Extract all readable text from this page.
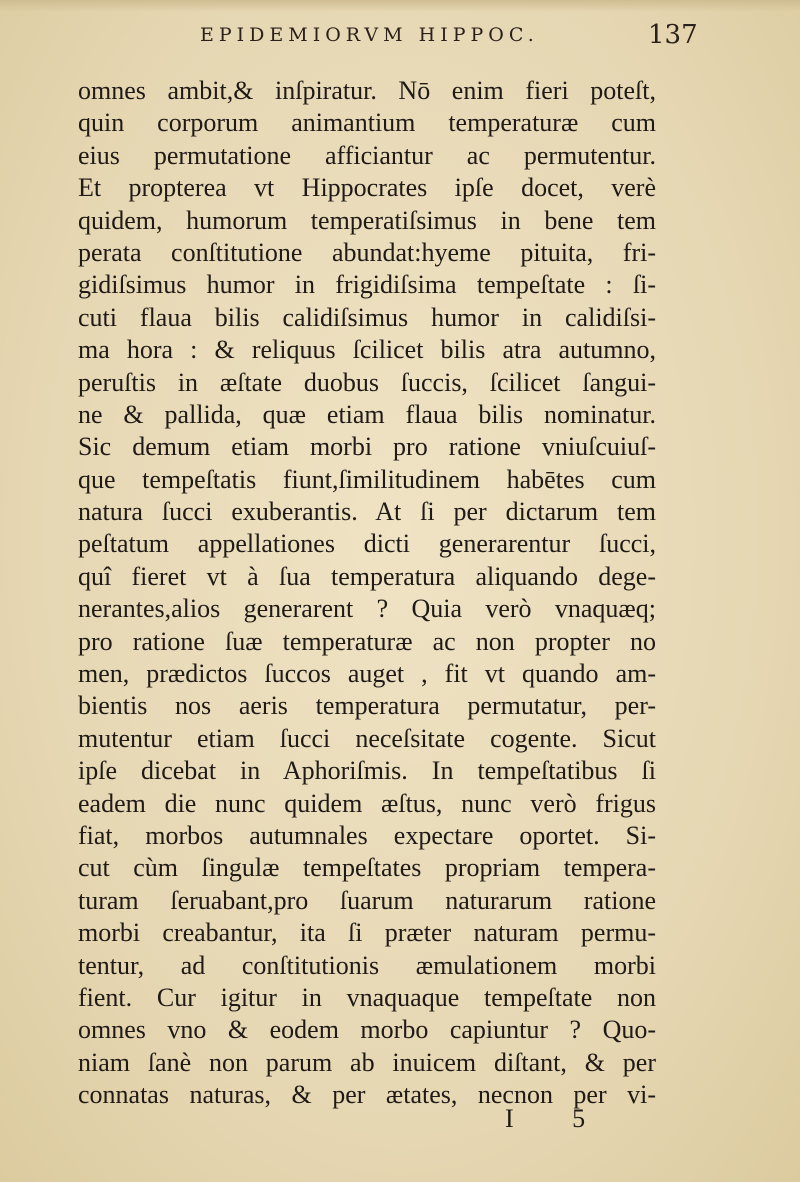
EPIDEMIORVM HIPPOC.	137
omnes ambit,& inſpiratur. Nō enim fieri poteſt,
quin corporum animantium temperaturæ cum
eius permutatione afficiantur ac permutentur.
Et propterea vt Hippocrates ipſe docet, verè
quidem, humorum temperatiſsimus in bene tem
perata conſtitutione abundat:hyeme pituita, fri-
gidiſsimus humor in frigidiſsima tempeſtate : ſi-
cuti flaua bilis calidiſsimus humor in calidiſsi-
ma hora : & reliquus ſcilicet bilis atra autumno,
peruſtis in æſtate duobus ſuccis, ſcilicet ſangui-
ne & pallida, quæ etiam flaua bilis nominatur.
Sic demum etiam morbi pro ratione vniuſcuiuſ-
que tempeſtatis fiunt,ſimilitudinem habētes cum
natura ſucci exuberantis. At ſi per dictarum tem
peſtatum appellationes dicti generarentur ſucci,
quî fieret vt à ſua temperatura aliquando dege-
nerantes,alios generarent ? Quia verò vnaquæq;
pro ratione ſuæ temperaturæ ac non propter no
men, prædictos ſuccos auget , fit vt quando am-
bientis nos aeris temperatura permutatur, per-
mutentur etiam ſucci neceſsitate cogente. Sicut
ipſe dicebat in Aphoriſmis. In tempeſtatibus ſi
eadem die nunc quidem æſtus, nunc verò frigus
fiat, morbos autumnales expectare oportet. Si-
cut cùm ſingulæ tempeſtates propriam tempera-
turam ſeruabant,pro ſuarum naturarum ratione
morbi creabantur, ita ſi præter naturam permu-
tentur, ad conſtitutionis æmulationem morbi
fient. Cur igitur in vnaquaque tempeſtate non
omnes vno & eodem morbo capiuntur ? Quo-
niam ſanè non parum ab inuicem diſtant, & per
connatas naturas, & per ætates, necnon per vi-
I 5
